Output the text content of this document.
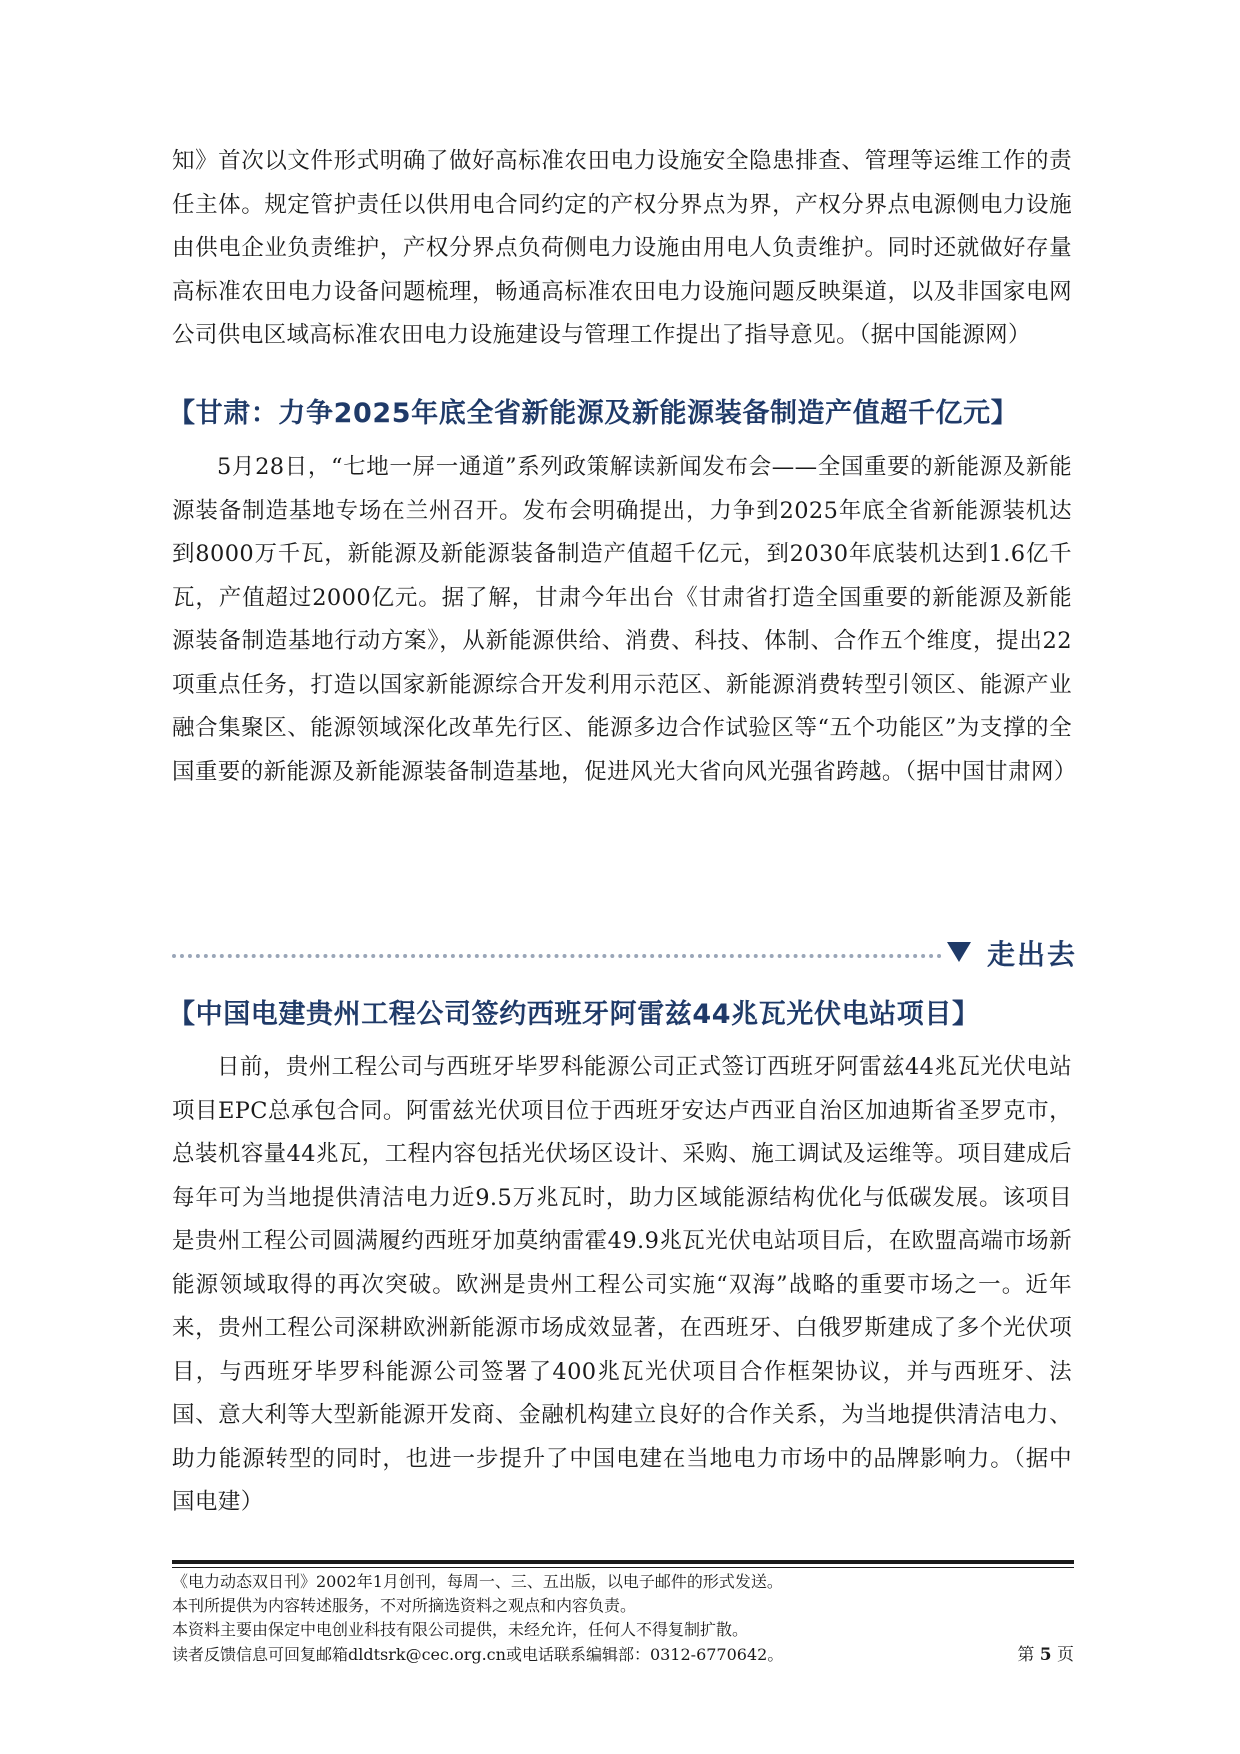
知》首次以文件形式明确了做好高标准农田电力设施安全隐患排查、管理等运维工作的责任主体。规定管护责任以供用电合同约定的产权分界点为界，产权分界点电源侧电力设施由供电企业负责维护，产权分界点负荷侧电力设施由用电人负责维护。同时还就做好存量高标准农田电力设备问题梳理，畅通高标准农田电力设施问题反映渠道，以及非国家电网公司供电区域高标准农田电力设施建设与管理工作提出了指导意见。（据中国能源网）

【甘肃：力争2025年底全省新能源及新能源装备制造产值超千亿元】

5月28日，“七地一屏一通道”系列政策解读新闻发布会——全国重要的新能源及新能源装备制造基地专场在兰州召开。发布会明确提出，力争到2025年底全省新能源装机达到8000万千瓦，新能源及新能源装备制造产值超千亿元，到2030年底装机达到1.6亿千瓦，产值超过2000亿元。据了解，甘肃今年出台《甘肃省打造全国重要的新能源及新能源装备制造基地行动方案》，从新能源供给、消费、科技、体制、合作五个维度，提出22项重点任务，打造以国家新能源综合开发利用示范区、新能源消费转型引领区、能源产业融合集聚区、能源领域深化改革先行区、能源多边合作试验区等“五个功能区”为支撑的全国重要的新能源及新能源装备制造基地，促进风光大省向风光强省跨越。（据中国甘肃网）

走出去
【中国电建贵州工程公司签约西班牙阿雷兹44兆瓦光伏电站项目】

日前，贵州工程公司与西班牙毕罗科能源公司正式签订西班牙阿雷兹44兆瓦光伏电站项目EPC总承包合同。阿雷兹光伏项目位于西班牙安达卢西亚自治区加迪斯省圣罗克市，总装机容量44兆瓦，工程内容包括光伏场区设计、采购、施工调试及运维等。项目建成后每年可为当地提供清洁电力近9.5万兆瓦时，助力区域能源结构优化与低碳发展。该项目是贵州工程公司圆满履约西班牙加莫纳雷霍49.9兆瓦光伏电站项目后，在欧盟高端市场新能源领域取得的再次突破。欧洲是贵州工程公司实施“双海”战略的重要市场之一。近年来，贵州工程公司深耕欧洲新能源市场成效显著，在西班牙、白俄罗斯建成了多个光伏项目，与西班牙毕罗科能源公司签署了400兆瓦光伏项目合作框架协议，并与西班牙、法国、意大利等大型新能源开发商、金融机构建立良好的合作关系，为当地提供清洁电力、助力能源转型的同时，也进一步提升了中国电建在当地电力市场中的品牌影响力。（据中国电建）

《电力动态双日刊》2002年1月创刊，每周一、三、五出版，以电子邮件的形式发送。

本刊所提供为内容转述服务，不对所摘选资料之观点和内容负责。

本资料主要由保定中电创业科技有限公司提供，未经允许，任何人不得复制扩散。

读者反馈信息可回复邮箱dldtsrk@cec.org.cn或电话联系编辑部：0312-6770642。	第 5 页
